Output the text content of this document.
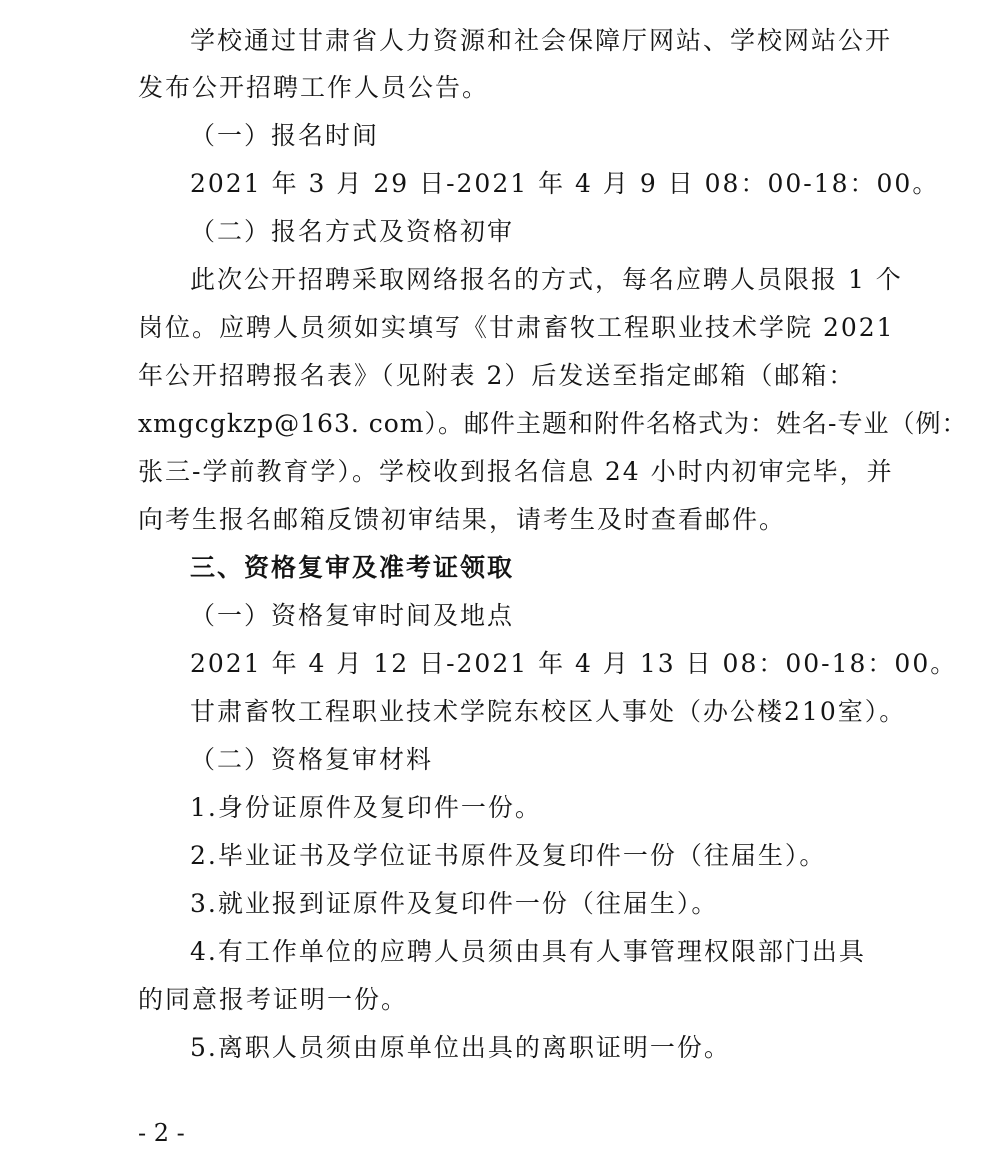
学校通过甘肃省人力资源和社会保障厅网站、学校网站公开
发布公开招聘工作人员公告。
（一）报名时间
2021 年 3 月 29 日-2021 年 4 月 9 日 08：00-18：00。
（二）报名方式及资格初审
此次公开招聘采取网络报名的方式，每名应聘人员限报 1 个
岗位。应聘人员须如实填写《甘肃畜牧工程职业技术学院 2021
年公开招聘报名表》（见附表 2）后发送至指定邮箱（邮箱：
xmgcgkzp@163. com）。邮件主题和附件名格式为：姓名-专业（例：
张三-学前教育学）。学校收到报名信息 24 小时内初审完毕，并
向考生报名邮箱反馈初审结果，请考生及时查看邮件。
三、资格复审及准考证领取
（一）资格复审时间及地点
2021 年 4 月 12 日-2021 年 4 月 13 日 08：00-18：00。
甘肃畜牧工程职业技术学院东校区人事处（办公楼210室）。
（二）资格复审材料
1.身份证原件及复印件一份。
2.毕业证书及学位证书原件及复印件一份（往届生）。
3.就业报到证原件及复印件一份（往届生）。
4.有工作单位的应聘人员须由具有人事管理权限部门出具
的同意报考证明一份。
5.离职人员须由原单位出具的离职证明一份。
- 2 -
